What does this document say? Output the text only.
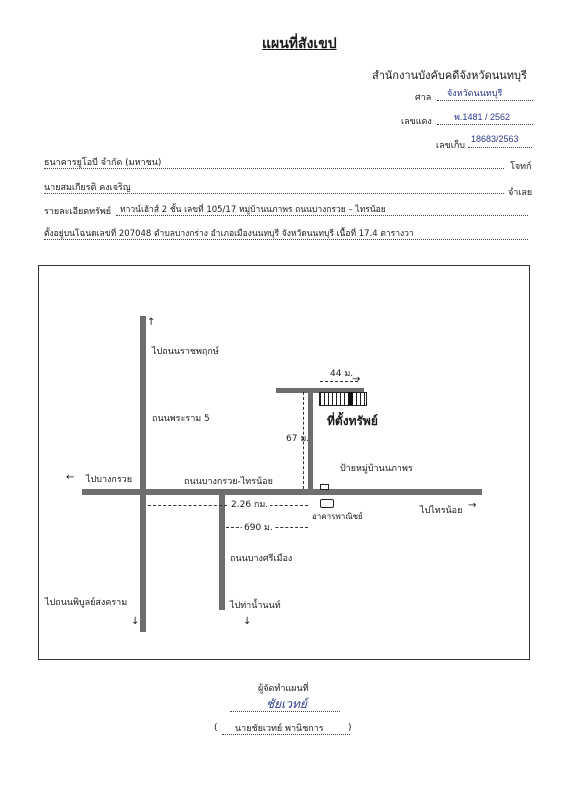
แผนที่สังเขป
สำนักงานบังคับคดีจังหวัดนนทบุรี
ศาล จังหวัดนนทบุรี
เลขแดง พ.1481 / 2562
เลขเก็บ
18683/2563
ธนาคารยูโอบี จำกัด (มหาชน)	โจทก์
นายสมเกียรติ คงเจริญ	จำเลย
รายละเอียดทรัพย์ ทาวน์เฮ้าส์ 2 ชั้น เลขที่ 105/17 หมู่บ้านนภาพร ถนนบางกรวย – ไทรน้อย
ตั้งอยู่บนโฉนดเลขที่ 207048 ตำบลบางกร่าง อำเภอเมืองนนทบุรี จังหวัดนนทบุรี เนื้อที่ 17.4 ตารางวา
↑
←
→
↓	↓
ไปถนนราชพฤกษ์
ถนนพระราม 5
ไปบางกรวย	ถนนบางกรวย-ไทรน้อย
ไปไทรน้อย
ไปถนนพิบูลย์สงคราม
ถนนบางศรีเมือง
ไปท่าน้ำนนท์
ที่ตั้งทรัพย์
ป้ายหมู่บ้านนภาพร
อาคารพาณิชย์
→
44 ม.
67 ม.
2.26 กม.
690 ม.
ผู้จัดทำแผนที่
ชัยเวทย์
( นายชัยเวทย์ พานิชการ	)
